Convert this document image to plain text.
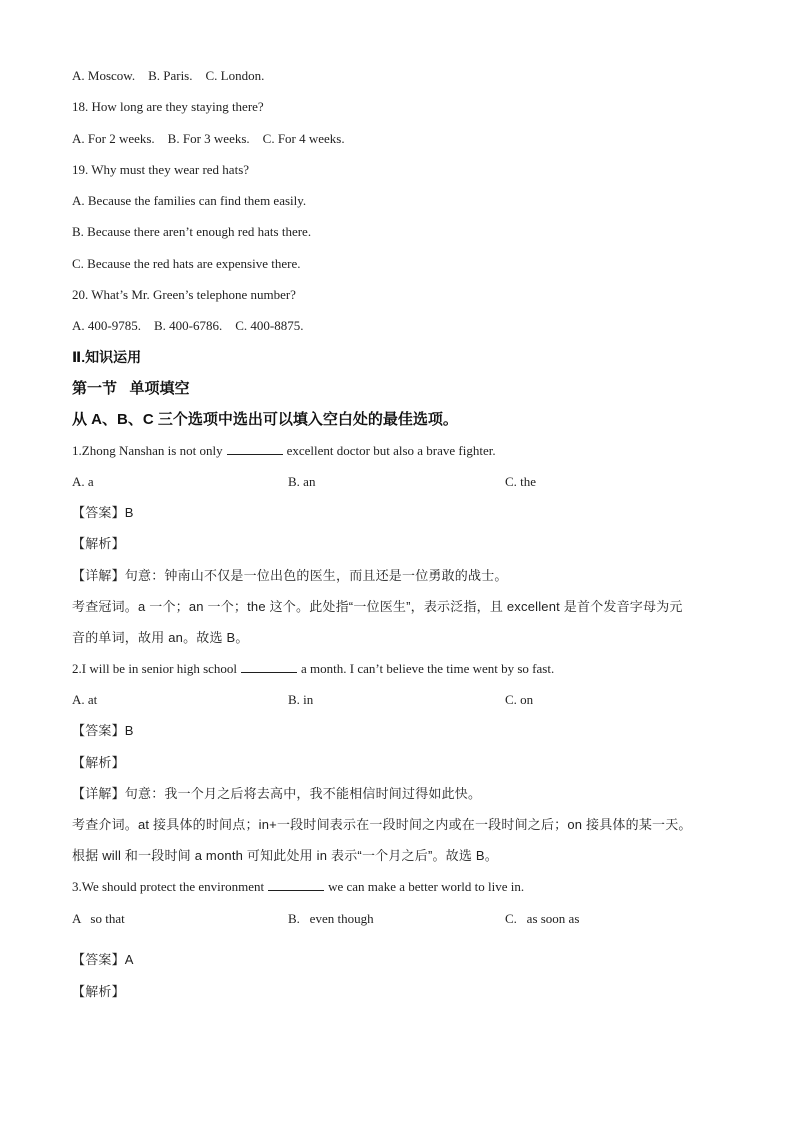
A. Moscow.    B. Paris.    C. London.
18. How long are they staying there?
A. For 2 weeks.    B. For 3 weeks.    C. For 4 weeks.
19. Why must they wear red hats?
A. Because the families can find them easily.
B. Because there aren’t enough red hats there.
C. Because the red hats are expensive there.
20. What’s Mr. Green’s telephone number?
A. 400-9785.    B. 400-6786.    C. 400-8875.
Ⅱ.知识运用
第一节   单项填空
从 A、B、C 三个选项中选出可以填入空白处的最佳选项。
1.Zhong Nanshan is not only	excellent doctor but also a brave fighter.
A. a	B. an	C. the
【答案】B
【解析】
【详解】句意：钟南山不仅是一位出色的医生，而且还是一位勇敢的战士。
考查冠词。a 一个；an 一个；the 这个。此处指“一位医生”，表示泛指，且 excellent 是首个发音字母为元
音的单词，故用 an。故选 B。
2.I will be in senior high school	a month. I can’t believe the time went by so fast.
A. at	B. in	C. on
【答案】B
【解析】
【详解】句意：我一个月之后将去高中，我不能相信时间过得如此快。
考查介词。at 接具体的时间点；in+一段时间表示在一段时间之内或在一段时间之后；on 接具体的某一天。
根据 will 和一段时间 a month 可知此处用 in 表示“一个月之后”。故选 B。
3.We should protect the environment	we can make a better world to live in.
A   so that	B.   even though	C.   as soon as
【答案】A
【解析】
